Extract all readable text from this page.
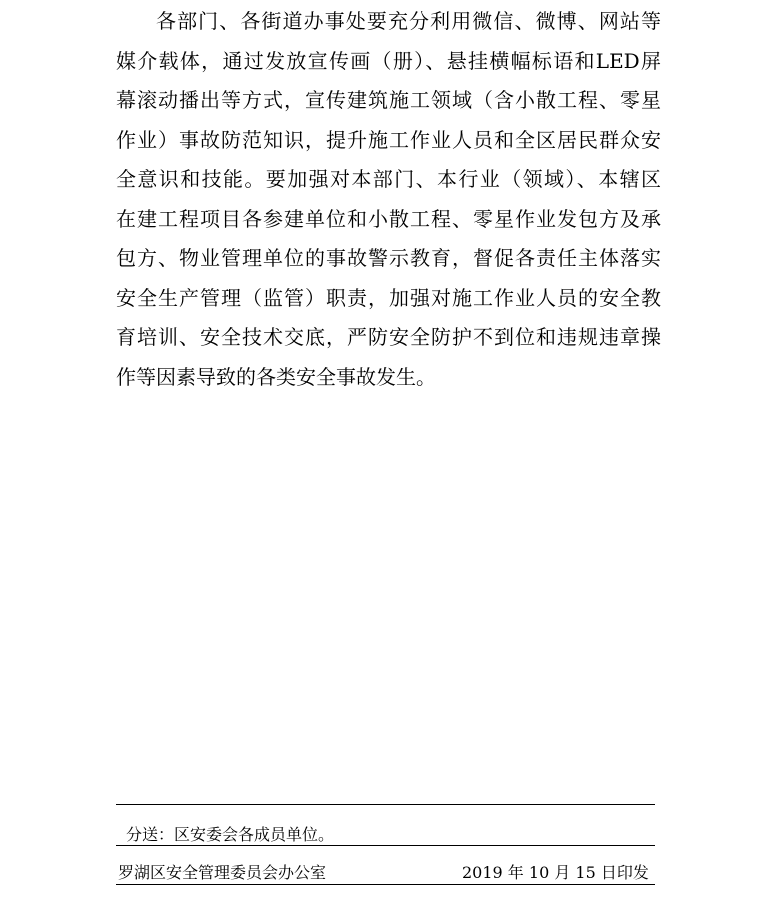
各部门、各街道办事处要充分利用微信、微博、网站等
媒介载体，通过发放宣传画（册）、悬挂横幅标语和LED屏
幕滚动播出等方式，宣传建筑施工领域（含小散工程、零星
作业）事故防范知识，提升施工作业人员和全区居民群众安
全意识和技能。要加强对本部门、本行业（领域）、本辖区
在建工程项目各参建单位和小散工程、零星作业发包方及承
包方、物业管理单位的事故警示教育，督促各责任主体落实
安全生产管理（监管）职责，加强对施工作业人员的安全教
育培训、安全技术交底，严防安全防护不到位和违规违章操
作等因素导致的各类安全事故发生。
分送：区安委会各成员单位。
罗湖区安全管理委员会办公室	2019 年 10 月 15 日印发
